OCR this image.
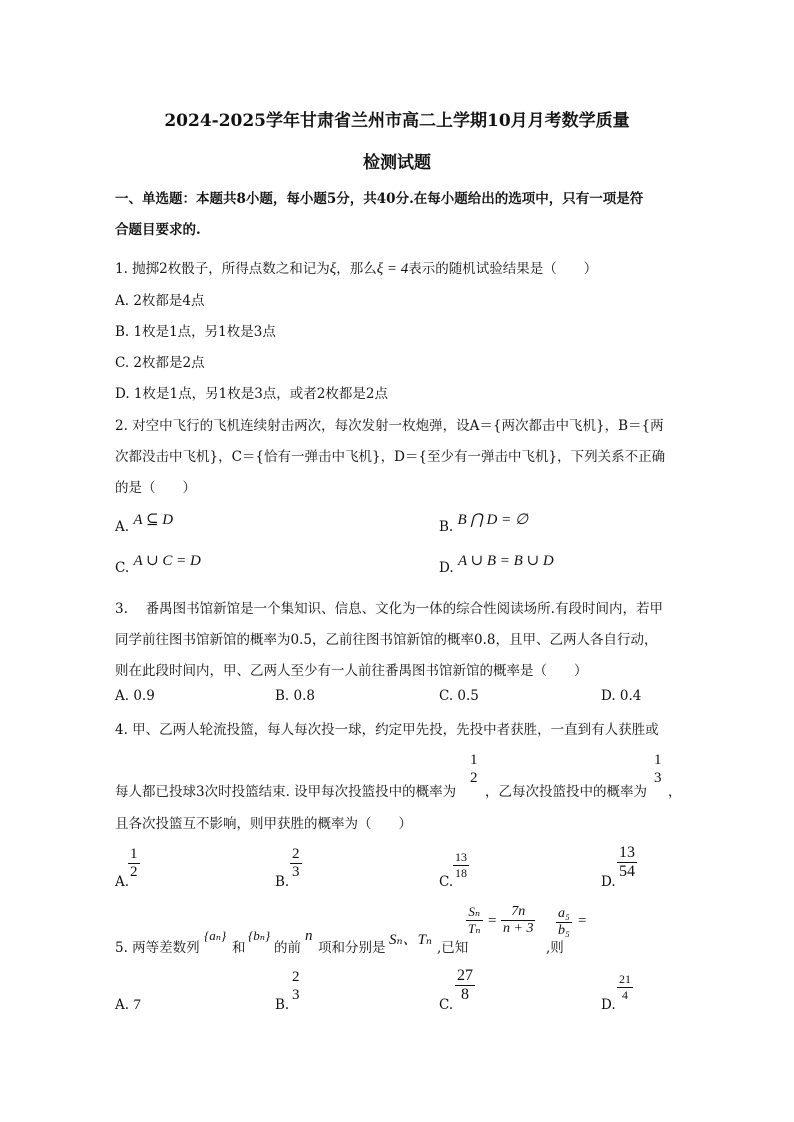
2024-2025学年甘肃省兰州市高二上学期10月月考数学质量
检测试题
一、单选题：本题共8小题，每小题5分，共40分.在每小题给出的选项中，只有一项是符
合题目要求的.
1. 抛掷2枚骰子，所得点数之和记为ξ，那么ξ = 4表示的随机试验结果是（　　）
A. 2枚都是4点
B. 1枚是1点，另1枚是3点
C. 2枚都是2点
D. 1枚是1点，另1枚是3点，或者2枚都是2点
2. 对空中飞行的飞机连续射击两次，每次发射一枚炮弹，设A＝{两次都击中飞机}，B＝{两
次都没击中飞机}，C＝{恰有一弹击中飞机}，D＝{至少有一弹击中飞机}，下列关系不正确
的是（　　）
A. A ⊆ D	B. B ⋂ D = ∅
C. A ∪ C = D	D. A ∪ B = B ∪ D
3.　 番禺图书馆新馆是一个集知识、信息、文化为一体的综合性阅读场所.有段时间内，若甲
同学前往图书馆新馆的概率为0.5，乙前往图书馆新馆的概率0.8，且甲、乙两人各自行动，
则在此段时间内，甲、乙两人至少有一人前往番禺图书馆新馆的概率是（　　）
A. 0.9	B. 0.8	C. 0.5	D. 0.4
4. 甲、乙两人轮流投篮，每人每次投一球，约定甲先投，先投中者获胜，一直到有人获胜或
每人都已投球3次时投篮结束. 设甲每次投篮投中的概率为
1
2
，乙每次投篮投中的概率为
1
3
，
且各次投篮互不影响，则甲获胜的概率为（　　）
A.
$\frac{1}{2}$
B.
$\frac{2}{3}$
C.
$\frac{13}{18}$
D.
$\frac{13}{54}$
5. 两等差数列
{aₙ}
和
{bₙ}
的前
n
项和分别是 Sₙ、Tₙ ,已知
$\frac{\text{Sₙ}}{\text{Tₙ}} = \frac{7n}{n + 3}$
,则
$\frac{\text{a₅}}{\text{b₅}}$ =
A. 7	B.
2
3
C.
$\frac{27}{8}$
D.
$\frac{21}{4}$
